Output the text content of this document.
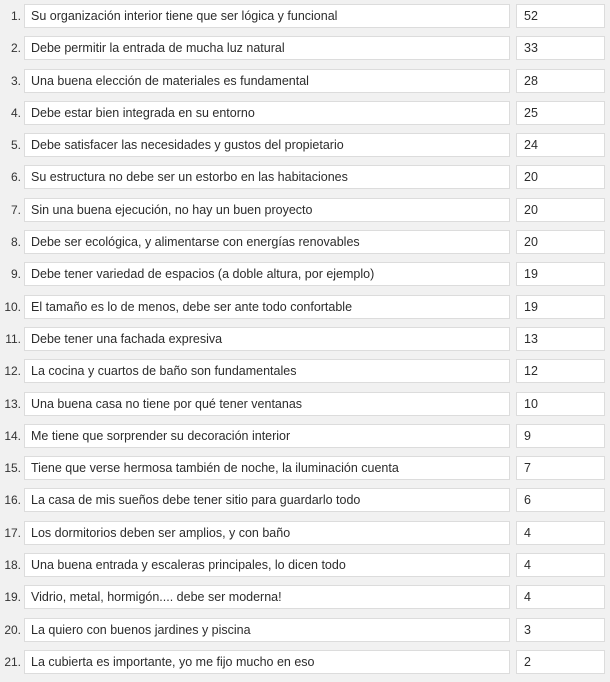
1. Su organización interior tiene que ser lógica y funcional	52
2. Debe permitir la entrada de mucha luz natural	33
3. Una buena elección de materiales es fundamental	28
4. Debe estar bien integrada en su entorno	25
5. Debe satisfacer las necesidades y gustos del propietario	24
6. Su estructura no debe ser un estorbo en las habitaciones	20
7. Sin una buena ejecución, no hay un buen proyecto	20
8. Debe ser ecológica, y alimentarse con energías renovables	20
9. Debe tener variedad de espacios (a doble altura, por ejemplo)	19
10. El tamaño es lo de menos, debe ser ante todo confortable	19
11. Debe tener una fachada expresiva	13
12. La cocina y cuartos de baño son fundamentales	12
13. Una buena casa no tiene por qué tener ventanas	10
14. Me tiene que sorprender su decoración interior	9
15. Tiene que verse hermosa también de noche, la iluminación cuenta	7
16. La casa de mis sueños debe tener sitio para guardarlo todo	6
17. Los dormitorios deben ser amplios, y con baño	4
18. Una buena entrada y escaleras principales, lo dicen todo	4
19. Vidrio, metal, hormigón.... debe ser moderna!	4
20. La quiero con buenos jardines y piscina	3
21. La cubierta es importante, yo me fijo mucho en eso	2
